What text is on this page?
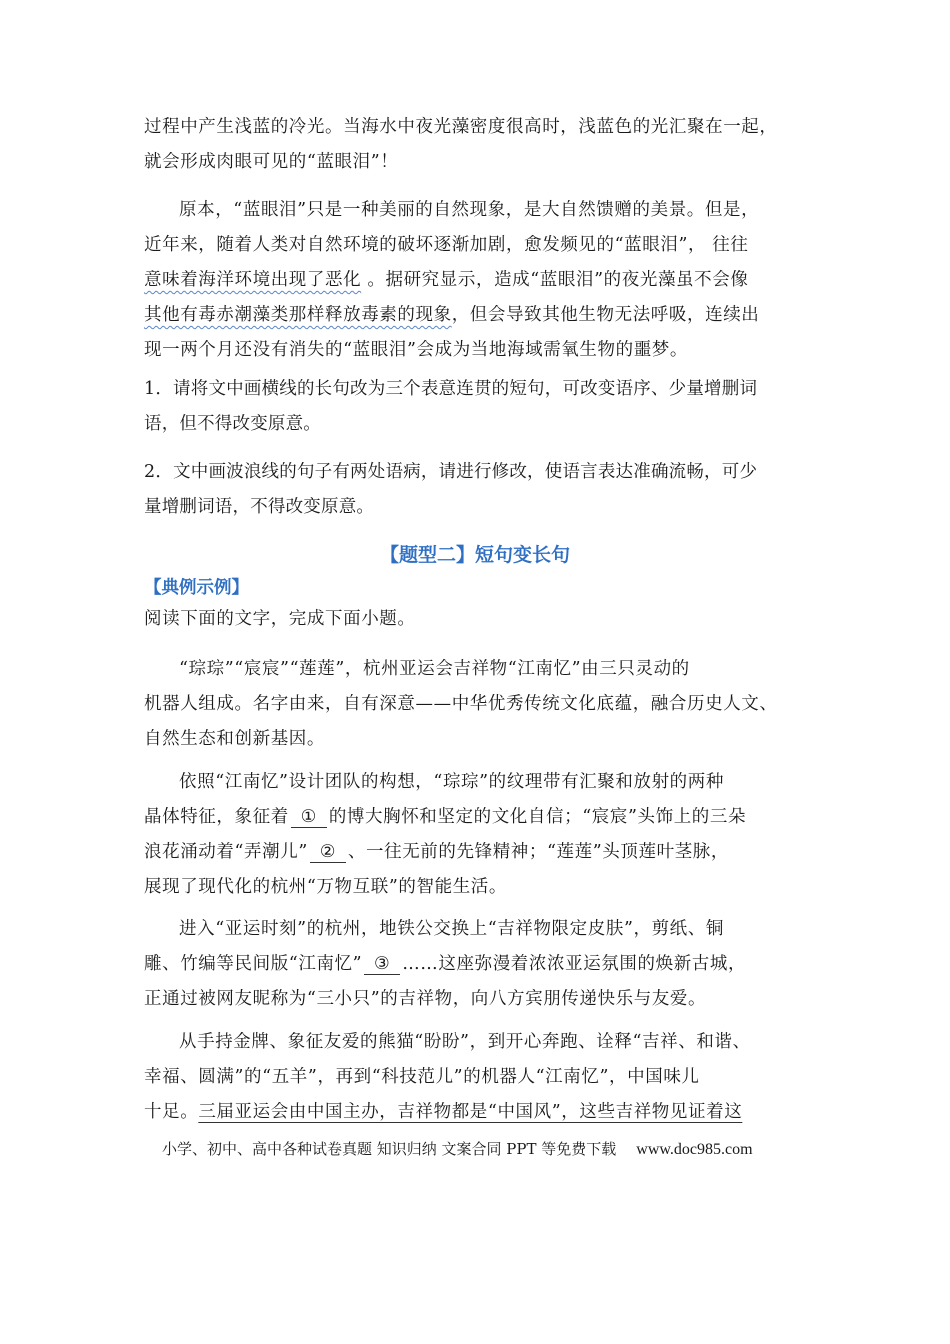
过程中产生浅蓝的冷光。当海水中夜光藻密度很高时，浅蓝色的光汇聚在一起，

就会形成肉眼可见的“蓝眼泪”！

原本，“蓝眼泪”只是一种美丽的自然现象，是大自然馈赠的美景。但是，

近年来，随着人类对自然环境的破坏逐渐加剧，愈发频见的“蓝眼泪”， 往往

意味着海洋环境出现了恶化 。据研究显示，造成“蓝眼泪”的夜光藻虽不会像

其他有毒赤潮藻类那样释放毒素的现象，但会导致其他生物无法呼吸，连续出

现一两个月还没有消失的“蓝眼泪”会成为当地海域需氧生物的噩梦。

1．请将文中画横线的长句改为三个表意连贯的短句，可改变语序、少量增删词

语，但不得改变原意。

2．文中画波浪线的句子有两处语病，请进行修改，使语言表达准确流畅，可少

量增删词语，不得改变原意。

【题型二】短句变长句
【典例示例】

阅读下面的文字，完成下面小题。

“琮琮”“宸宸”“莲莲”，杭州亚运会吉祥物“江南忆”由三只灵动的

机器人组成。名字由来，自有深意——中华优秀传统文化底蕴，融合历史人文、

自然生态和创新基因。

依照“江南忆”设计团队的构想，“琮琮”的纹理带有汇聚和放射的两种

晶体特征，象征着 ① 的博大胸怀和坚定的文化自信；“宸宸”头饰上的三朵

浪花涌动着“弄潮儿” ② 、一往无前的先锋精神；“莲莲”头顶莲叶茎脉，

展现了现代化的杭州“万物互联”的智能生活。

进入“亚运时刻”的杭州，地铁公交换上“吉祥物限定皮肤”，剪纸、铜

雕、竹编等民间版“江南忆” ③ ……这座弥漫着浓浓亚运氛围的焕新古城，

正通过被网友昵称为“三小只”的吉祥物，向八方宾朋传递快乐与友爱。

从手持金牌、象征友爱的熊猫“盼盼”，到开心奔跑、诠释“吉祥、和谐、

幸福、圆满”的“五羊”，再到“科技范儿”的机器人“江南忆”，中国味儿

十足。三届亚运会由中国主办，吉祥物都是“中国风”，这些吉祥物见证着这

小学、初中、高中各种试卷真题 知识归纳 文案合同 PPT 等免费下载 www.doc985.com
